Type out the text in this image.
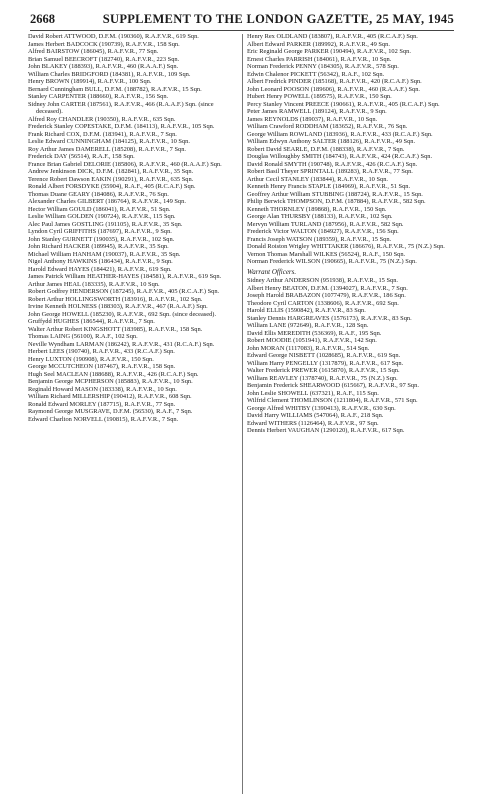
2668	SUPPLEMENT TO THE LONDON GAZETTE, 25 MAY, 1945
David Robert ATTWOOD, D.F.M. (190360), R.A.F.V.R., 619 Sqn.
James Herbert BADCOCK (190739), R.A.F.V.R., 158 Sqn.
Alfred BAIRSTOW (186045), R.A.F.V.R., 77 Sqn.
Brian Samuel BEECROFT (182740), R.A.F.V.R., 223 Sqn.
John BLAKEY (188393), R.A.F.V.R., 460 (R.A.A.F.) Sqn.
William Charles BRIDGFORD (184381), R.A.F.V.R., 109 Sqn.
Henry BROWN (189914), R.A.F.V.R., 100 Sqn.
Bernard Cunningham BULL, D.F.M. (188782), R.A.F.V.R., 15 Sqn.
Stanley CARPENTER (188660), R.A.F.V.R., 156 Sqn.
Sidney John CARTER (187561), R.A.F.V.R., 466 (R.A.A.F.) Sqn. (since deceased).
Alfred Roy CHANDLER (190350), R.A.F.V.R., 635 Sqn.
Frederick Stanley COPESTAKE, D.F.M. (184113), R.A.F.V.R., 105 Sqn.
Frank Richard COX, D.F.M. (183941), R.A.F.V.R., 7 Sqn.
Leslie Edward CUNNINGHAM (184125), R.A.F.V.R., 10 Sqn.
Roy Arthur James DAMERELL (185208), R.A.F.V.R., 7 Sqn.
Frederick DAY (56514), R.A.F., 158 Sqn.
France Brian Gabriel DELORIE (185806), R.A.F.V.R., 460 (R.A.A.F.) Sqn.
Andrew Jenkinson DICK, D.F.M. (182841), R.A.F.V.R., 35 Sqn.
Terence Robert Dawson EAKIN (190291), R.A.F.V.R., 635 Sqn.
Ronald Albert FORSDYKE (55904), R.A.F., 405 (R.C.A.F.) Sqn.
Thomas Duane GEARY (184086), R.A.F.V.R., 76 Sqn.
Alexander Charles GILBERT (186764), R.A.F.V.R., 149 Sqn.
Hector William GOULD (186041), R.A.F.V.R., 51 Sqn.
Leslie William GOLDEN (190724), R.A.F.V.R., 115 Sqn.
Alec Paul James GOSTLING (191105), R.A.F.V.R., 35 Sqn.
Lyndon Cyril GRIFFITHS (187697), R.A.F.V.R., 9 Sqn.
John Stanley GURNETT (190035), R.A.F.V.R., 102 Sqn.
John Richard HACKER (189945), R.A.F.V.R., 35 Sqn.
Michael William HANHAM (190037), R.A.F.V.R., 35 Sqn.
Nigel Anthony HAWKINS (186434), R.A.F.V.R., 9 Sqn.
Harold Edward HAYES (184421), R.A.F.V.R., 619 Sqn.
James Patrick William HEATHER-HAYES (184581), R.A.F.V.R., 619 Sqn.
Arthur James HEAL (183335), R.A.F.V.R., 10 Sqn.
Robert Godfrey HENDERSON (187245), R.A.F.V.R., 405 (R.C.A.F.) Sqn.
Robert Arthur HOLLINGSWORTH (183916), R.A.F.V.R., 102 Sqn.
Irvine Kenneth HOLNESS (188303), R.A.F.V.R., 467 (R.A.A.F.) Sqn.
John George HOWELL (185230), R.A.F.V.R., 692 Sqn. (since deceased).
Gruffydd HUGHES (186544), R.A.F.V.R., 7 Sqn.
Walter Arthur Robert KINGSHOTT (183985), R.A.F.V.R., 158 Sqn.
Thomas LAING (56100), R.A.F., 102 Sqn.
Neville Wyndham LARMAN (186242), R.A.F.V.R., 431 (R.C.A.F.) Sqn.
Herbert LEES (190740), R.A.F.V.R., 433 (R.C.A.F.) Sqn.
Henry LUXTON (190908), R.A.F.V.R., 150 Sqn.
George MCCUTCHEON (187467), R.A.F.V.R., 158 Sqn.
Hugh Seel MACLEAN (188688), R.A.F.V.R., 426 (R.C.A.F.) Sqn.
Benjamin George MCPHERSON (185883), R.A.F.V.R., 10 Sqn.
Reginald Howard MASON (183338), R.A.F.V.R., 10 Sqn.
William Richard MILLERSHIP (190412), R.A.F.V.R., 608 Sqn.
Ronald Edward MORLEY (187715), R.A.F.V.R., 77 Sqn.
Raymond George MUSGRAVE, D.F.M. (56530), R.A.F., 7 Sqn.
Edward Charlton NORVELL (190815), R.A.F.V.R., 7 Sqn.
Henry Rex OLDLAND (183807), R.A.F.V.R., 405 (R.C.A.F.) Sqn.
Albert Edward PARKER (189992), R.A.F.V.R., 49 Sqn.
Eric Reginald George PARKER (190494), R.A.F.V.R., 102 Sqn.
Ernest Charles PARRISH (184061), R.A.F.V.R., 10 Sqn.
Norman Frederick PENNY (184305), R.A.F.V.R., 578 Sqn.
Edwin Chalenor PICKETT (56342), R.A.F., 102 Sqn.
Albert Fredrick PINDER (185168), R.A.F.V.R., 420 (R.C.A.F.) Sqn.
John Leonard POOSON (189606), R.A.F.V.R., 460 (R.A.A.F.) Sqn.
Hubert Henry POWELL (189575), R.A.F.V.R., 150 Sqn.
Percy Stanley Vincent PREECE (190661), R.A.F.V.R., 405 (R.C.A.F.) Sqn.
Peter James RAMWELL (189124), R.A.F.V.R., 9 Sqn.
James REYNOLDS (189037), R.A.F.V.R., 10 Sqn.
William Crawford RODDHAM (183652), R.A.F.V.R., 76 Sqn.
George William ROWLAND (183936), R.A.F.V.R., 433 (R.C.A.F.) Sqn.
William Edwyn Anthony SALTER (188126), R.A.F.V.R., 49 Sqn.
Robert David SEARLE, D.F.M. (188338), R.A.F.V.R., 7 Sqn.
Douglas Willoughby SMITH (184743), R.A.F.V.R., 424 (R.C.A.F.) Sqn.
David Ronald SMYTH (190748), R.A.F.V.R., 426 (R.C.A.F.) Sqn.
Robert Basil Theyer SPRINTALL (189283), R.A.F.V.R., 77 Sqn.
Arthur Cecil STANLEY (183844), R.A.F.V.R., 10 Sqn.
Kenneth Henry Francis STAPLE (184969), R.A.F.V.R., 51 Sqn.
Geoffrey Arthur William STUBBING (188724), R.A.F.V.R., 15 Sqn.
Philip Berwick THOMPSON, D.F.M. (187884), R.A.F.V.R., 582 Sqn.
Kenneth THORNLEY (189868), R.A.F.V.R., 150 Sqn.
George Alan THURSBY (188133), R.A.F.V.R., 102 Sqn.
Mervyn William TURLAND (187956), R.A.F.V.R., 582 Sqn.
Frederick Victor WALTON (184927), R.A.F.V.R., 156 Sqn.
Francis Joseph WATSON (189359), R.A.F.V.R., 15 Sqn.
Donald Roiston Wrigley WHITTAKER (186676), R.A.F.V.R., 75 (N.Z.) Sqn.
Vernon Thomas Marshall WILKES (56524), R.A.F., 150 Sqn.
Norman Frederick WILSON (190665), R.A.F.V.R., 75 (N.Z.) Sqn.
Warrant Officers.
Sidney Arthur ANDERSON (951938), R.A.F.V.R., 15 Sqn.
Albert Henry BEATON, D.F.M. (1394027), R.A.F.V.R., 7 Sqn.
Joseph Harold BRABAZON (1077479), R.A.F.V.R., 186 Sqn.
Theodore Cyril CARTON (1338606), R.A.F.V.R., 692 Sqn.
Harold ELLIS (1590842), R.A.F.V.R., 83 Sqn.
Stanley Dennis HARGREAVES (1576173), R.A.F.V.R., 83 Sqn.
William LANE (972649), R.A.F.V.R., 128 Sqn.
David Ellis MEREDITH (536369), R.A.F., 195 Sqn.
Robert MOODIE (1051941), R.A.F.V.R., 142 Sqn.
John MORAN (1117083), R.A.F.V.R., 514 Sqn.
Edward George NISBETT (1028685), R.A.F.V.R., 619 Sqn.
William Harry PENGELLY (1317879), R.A.F.V.R., 617 Sqn.
Walter Frederick PREWER (1615870), R.A.F.V.R., 15 Sqn.
William REAVLEY (1378740), R.A.F.V.R., 75 (N.Z.) Sqn.
Benjamin Frederick SHEARWOOD (615667), R.A.F.V.R., 97 Sqn.
John Leslie SHOWELL (637321), R.A.F., 115 Sqn.
Wilfrid Clement THOMLINSON (1211804), R.A.F.V.R., 571 Sqn.
George Alfred WHITBY (1390413), R.A.F.V.R., 630 Sqn.
David Harry WILLIAMS (547064), R.A.F., 218 Sqn.
Edward WITHERS (1126464), R.A.F.V.R., 97 Sqn.
Dennis Herbert VAUGHAN (1290120), R.A.F.V.R., 617 Sqn.
